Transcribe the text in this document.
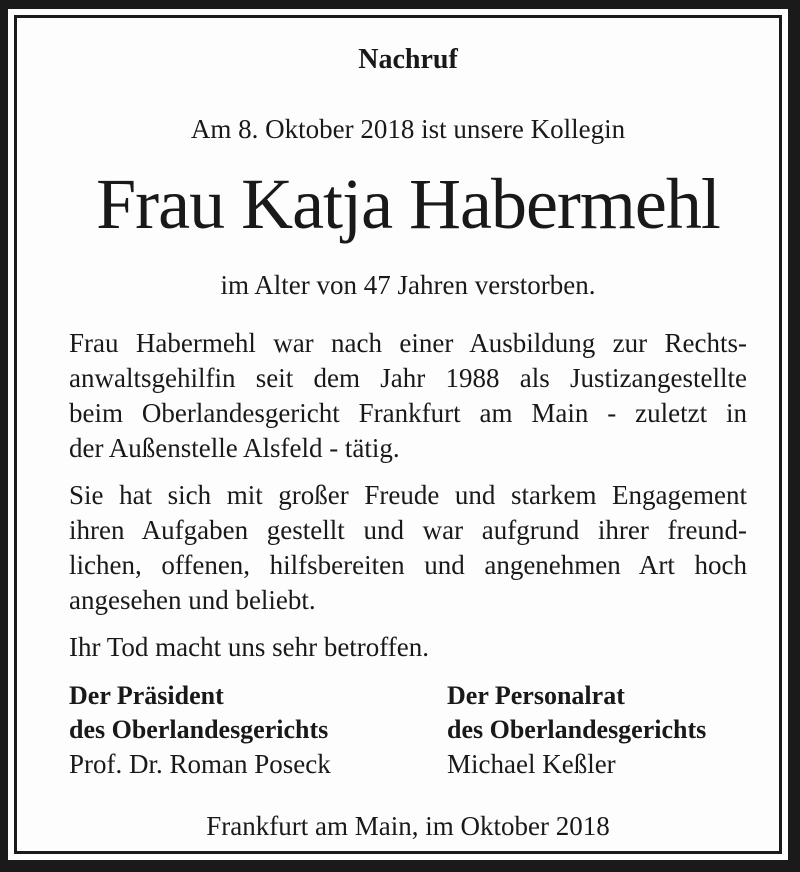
Nachruf
Am 8. Oktober 2018 ist unsere Kollegin
Frau Katja Habermehl
im Alter von 47 Jahren verstorben.
Frau Habermehl war nach einer Ausbildung zur Rechts-
anwaltsgehilfin seit dem Jahr 1988 als Justizangestellte
beim Oberlandesgericht Frankfurt am Main - zuletzt in
der Außenstelle Alsfeld - tätig.
Sie hat sich mit großer Freude und starkem Engagement
ihren Aufgaben gestellt und war aufgrund ihrer freund-
lichen, offenen, hilfsbereiten und angenehmen Art hoch
angesehen und beliebt.
Ihr Tod macht uns sehr betroffen.
Der Präsident
des Oberlandesgerichts
Prof. Dr. Roman Poseck
Der Personalrat
des Oberlandesgerichts
Michael Keßler
Frankfurt am Main, im Oktober 2018
